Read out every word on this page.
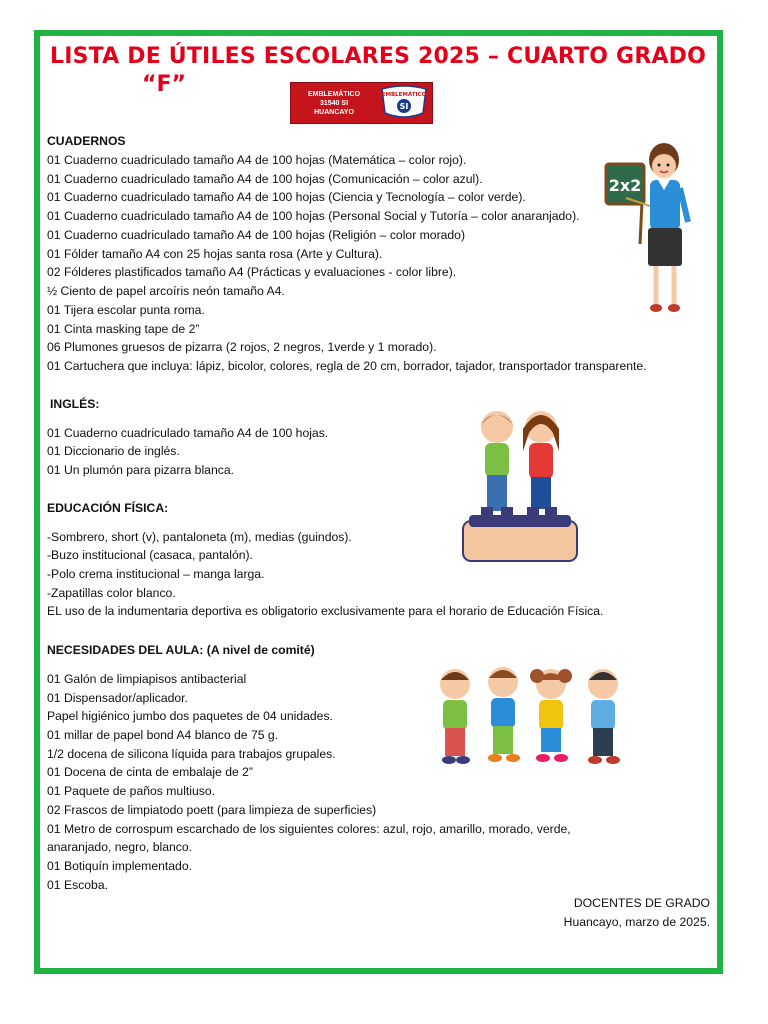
LISTA DE ÚTILES ESCOLARES 2025 – CUARTO GRADO
“F”	EMBLEMÁTICO
31540 SI
HUANCAYO
EMBLEMÁTICO
SI
CUADERNOS
01 Cuaderno cuadriculado tamaño A4 de 100 hojas (Matemática – color rojo).
01 Cuaderno cuadriculado tamaño A4 de 100 hojas (Comunicación – color azul).
01 Cuaderno cuadriculado tamaño A4 de 100 hojas (Ciencia y Tecnología – color verde).
01 Cuaderno cuadriculado tamaño A4 de 100 hojas (Personal Social y Tutoría – color anaranjado).
01 Cuaderno cuadriculado tamaño A4 de 100 hojas (Religión – color morado)
01 Fólder tamaño A4 con 25 hojas santa rosa (Arte y Cultura).
02 Fólderes plastificados tamaño A4 (Prácticas y evaluaciones - color libre).
½ Ciento de papel arcoíris neón tamaño A4.
01 Tijera escolar punta roma.
01 Cinta masking tape de 2”
06 Plumones gruesos de pizarra (2 rojos, 2 negros, 1verde y 1 morado).
01 Cartuchera que incluya: lápiz, bicolor, colores, regla de 20 cm, borrador, tajador, transportador transparente.
INGLÉS:
01 Cuaderno cuadriculado tamaño A4 de 100 hojas.
01 Diccionario de inglés.
01 Un plumón para pizarra blanca.
EDUCACIÓN FÍSICA:
-Sombrero, short (v), pantaloneta (m), medias (guindos).
-Buzo institucional (casaca, pantalón).
-Polo crema institucional – manga larga.
-Zapatillas color blanco.
EL uso de la indumentaria deportiva es obligatorio exclusivamente para el horario de Educación Física.
NECESIDADES DEL AULA: (A nivel de comité)
01 Galón de limpiapisos antibacterial
01 Dispensador/aplicador.
Papel higiénico jumbo dos paquetes de 04 unidades.
01 millar de papel bond A4 blanco de 75 g.
1/2 docena de silicona líquida para trabajos grupales.
01 Docena de cinta de embalaje de 2”
01 Paquete de paños multiuso.
02 Frascos de limpiatodo poett (para limpieza de superficies)
01 Metro de corrospum escarchado de los siguientes colores: azul, rojo, amarillo, morado, verde,
anaranjado, negro, blanco.
01 Botiquín implementado.
01 Escoba.
DOCENTES DE GRADO
Huancayo, marzo de 2025.
2x2
